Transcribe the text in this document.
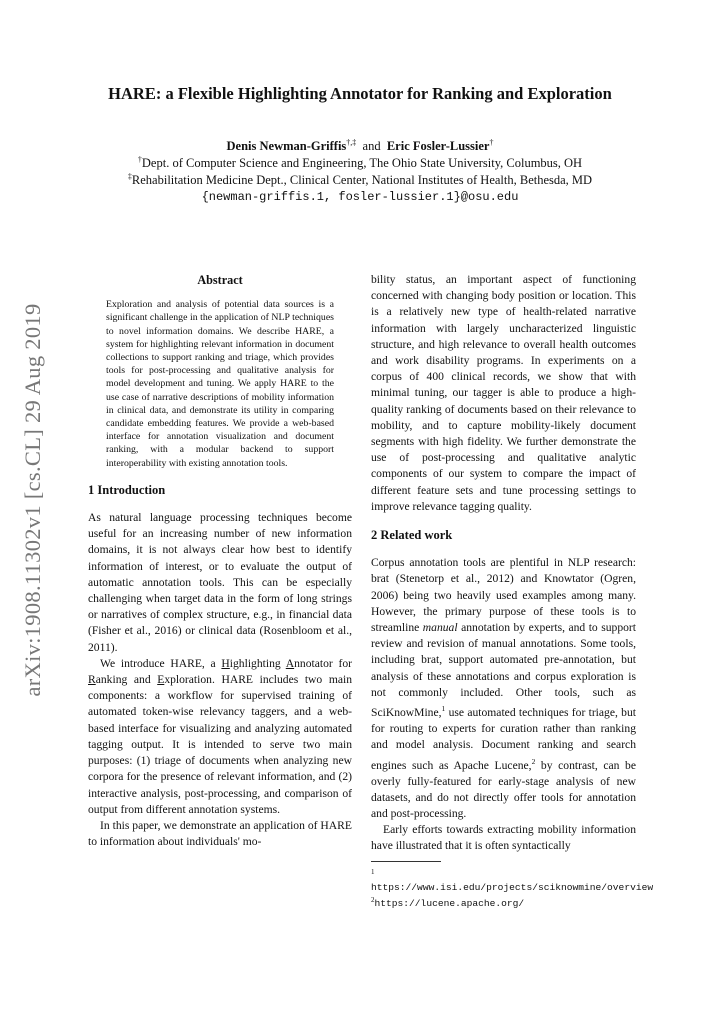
arXiv:1908.11302v1 [cs.CL] 29 Aug 2019
HARE: a Flexible Highlighting Annotator for Ranking and Exploration
Denis Newman-Griffis†,‡ and Eric Fosler-Lussier†
†Dept. of Computer Science and Engineering, The Ohio State University, Columbus, OH
‡Rehabilitation Medicine Dept., Clinical Center, National Institutes of Health, Bethesda, MD
{newman-griffis.1, fosler-lussier.1}@osu.edu

Abstract

Exploration and analysis of potential data sources is a significant challenge in the application of NLP techniques to novel information domains. We describe HARE, a system for highlighting relevant information in document collections to support ranking and triage, which provides tools for post-processing and qualitative analysis for model development and tuning. We apply HARE to the use case of narrative descriptions of mobility information in clinical data, and demonstrate its utility in comparing candidate embedding features. We provide a web-based interface for annotation visualization and document ranking, with a modular backend to support interoperability with existing annotation tools.

1 Introduction

As natural language processing techniques become useful for an increasing number of new information domains, it is not always clear how best to identify information of interest, or to evaluate the output of automatic annotation tools. This can be especially challenging when target data in the form of long strings or narratives of complex structure, e.g., in financial data (Fisher et al., 2016) or clinical data (Rosenbloom et al., 2011).

We introduce HARE, a Highlighting Annotator for Ranking and Exploration. HARE includes two main components: a workflow for supervised training of automated token-wise relevancy taggers, and a web-based interface for visualizing and analyzing automated tagging output. It is intended to serve two main purposes: (1) triage of documents when analyzing new corpora for the presence of relevant information, and (2) interactive analysis, post-processing, and comparison of output from different annotation systems.

In this paper, we demonstrate an application of HARE to information about individuals' mo-

bility status, an important aspect of functioning concerned with changing body position or location. This is a relatively new type of health-related narrative information with largely uncharacterized linguistic structure, and high relevance to overall health outcomes and work disability programs. In experiments on a corpus of 400 clinical records, we show that with minimal tuning, our tagger is able to produce a high-quality ranking of documents based on their relevance to mobility, and to capture mobility-likely document segments with high fidelity. We further demonstrate the use of post-processing and qualitative analytic components of our system to compare the impact of different feature sets and tune processing settings to improve relevance tagging quality.

2 Related work

Corpus annotation tools are plentiful in NLP research: brat (Stenetorp et al., 2012) and Knowtator (Ogren, 2006) being two heavily used examples among many. However, the primary purpose of these tools is to streamline manual annotation by experts, and to support review and revision of manual annotations. Some tools, including brat, support automated pre-annotation, but analysis of these annotations and corpus exploration is not commonly included. Other tools, such as SciKnowMine,$^1$ use automated techniques for triage, but for routing to experts for curation rather than ranking and model analysis. Document ranking and search engines such as Apache Lucene,$^2$ by contrast, can be overly fully-featured for early-stage analysis of new datasets, and do not directly offer tools for annotation and post-processing.

Early efforts towards extracting mobility information have illustrated that it is often syntactically

$^1$ https://www.isi.edu/projects/sciknowmine/overview
$^2$https://lucene.apache.org/
